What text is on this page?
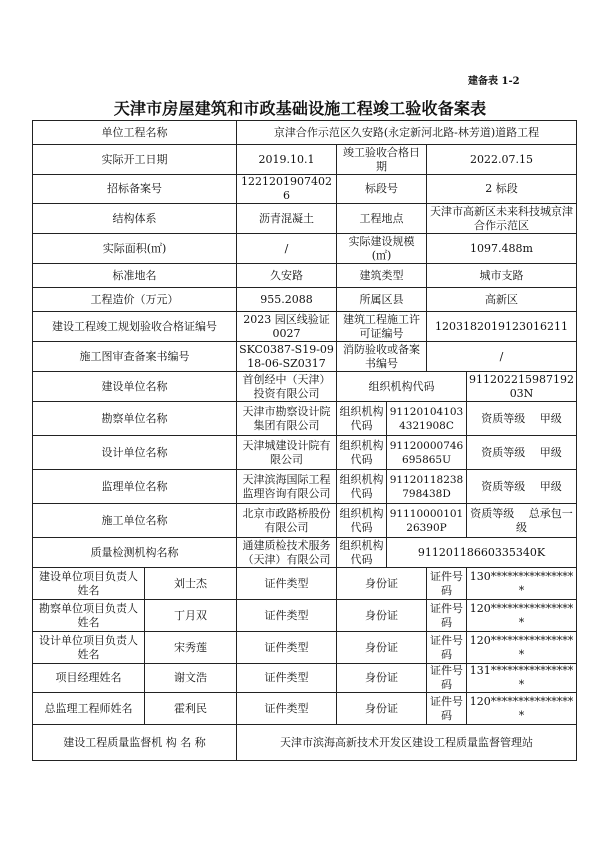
建备表 1-2
天津市房屋建筑和市政基础设施工程竣工验收备案表
单位工程名称		京津合作示范区久安路(永定新河北路-林芳道)道路工程				
实际开工日期		2019.10.1	竣工验收合格日期		2022.07.15	
招标备案号		12212019074026	标段号		2 标段	
结构体系		沥青混凝土	工程地点		天津市高新区未来科技城京津合作示范区	
实际面积(㎡)		/	实际建设规模(㎡)		1097.488m	
标准地名		久安路	建筑类型		城市支路	
工程造价（万元）		955.2088	所属区县		高新区	
建设工程竣工规划验收合格证编号		2023 园区线验证 0027	建筑工程施工许可证编号		1203182019123016211	
施工图审查备案书编号		SKC0387-S19-0918-06-SZ0317	消防验收或备案书编号		/	
建设单位名称		首创经中（天津）投资有限公司	组织机构代码			91120221598719203N
勘察单位名称		天津市勘察设计院集团有限公司	组织机构代码	911201041034321908C		资质等级　 甲级
设计单位名称		天津城建设计院有限公司	组织机构代码	91120000746695865U		资质等级　 甲级
监理单位名称		天津滨海国际工程监理咨询有限公司	组织机构代码	91120118238798438D		资质等级　 甲级
施工单位名称		北京市政路桥股份有限公司	组织机构代码	9111000010126390P		资质等级　 总承包一级
质量检测机构名称		通建质检技术服务（天津）有限公司	组织机构代码	91120118660335340K		
建设单位项目负责人姓名	刘士杰	证件类型	身份证		证件号码	130****************
勘察单位项目负责人姓名	丁月双	证件类型	身份证		证件号码	120****************
设计单位项目负责人姓名	宋秀莲	证件类型	身份证		证件号码	120****************
项目经理姓名	谢文浩	证件类型	身份证		证件号码	131****************
总监理工程师姓名	霍利民	证件类型	身份证		证件号码	120****************
建设工程质量监督机 构 名 称		天津市滨海高新技术开发区建设工程质量监督管理站				
